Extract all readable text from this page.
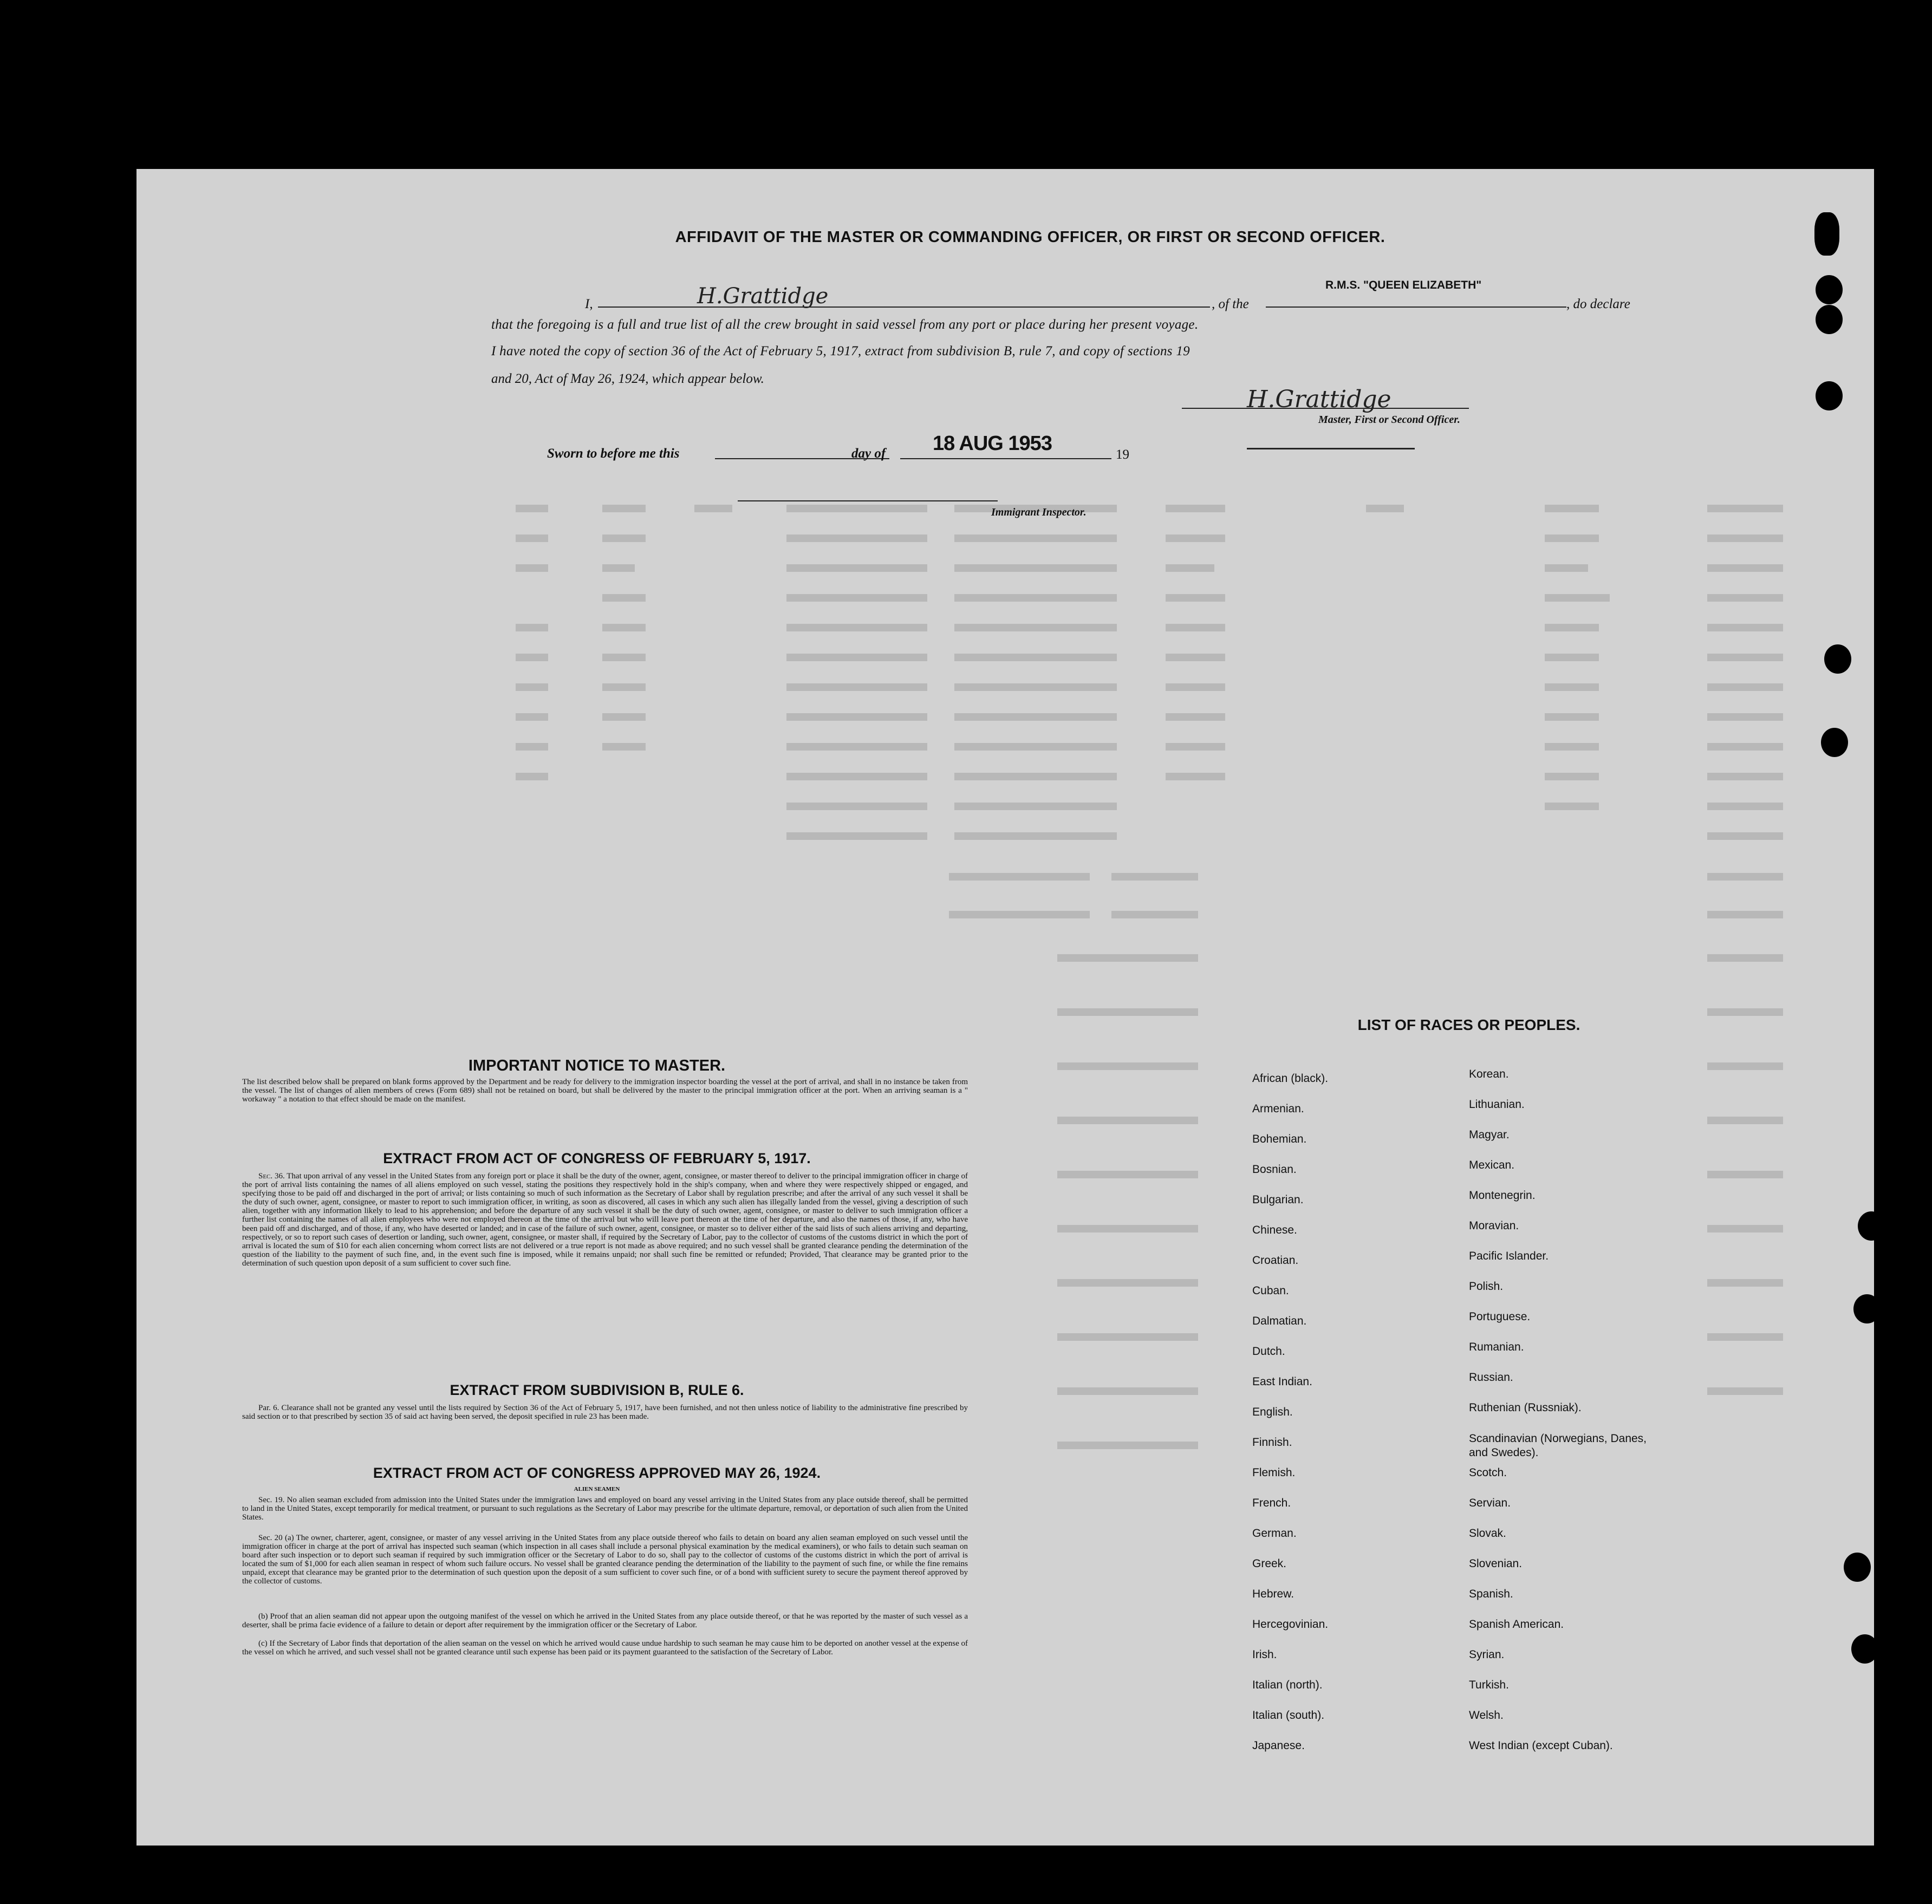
AFFIDAVIT OF THE MASTER OR COMMANDING OFFICER, OR FIRST OR SECOND OFFICER.
I,	H.Grattidge	, of the
R.M.S. "QUEEN ELIZABETH"
, do declare
that the foregoing is a full and true list of all the crew brought in said vessel from any port or place during her present voyage.
I have noted the copy of section 36 of the Act of February 5, 1917, extract from subdivision B, rule 7, and copy of sections 19
and 20, Act of May 26, 1924, which appear below.
H.Grattidge
Master, First or Second Officer.
Sworn to before me this	day of 18 AUG 1953	19
Immigrant Inspector.
IMPORTANT NOTICE TO MASTER.
The list described below shall be prepared on blank forms approved by the Department and be ready for delivery to the immigration inspector boarding the vessel at the port of arrival, and shall in no instance be taken from the vessel. The list of changes of alien members of crews (Form 689) shall not be retained on board, but shall be delivered by the master to the principal immigration officer at the port. When an arriving seaman is a " workaway " a notation to that effect should be made on the manifest.
EXTRACT FROM ACT OF CONGRESS OF FEBRUARY 5, 1917.
Sec. 36. That upon arrival of any vessel in the United States from any foreign port or place it shall be the duty of the owner, agent, consignee, or master thereof to deliver to the principal immigration officer in charge of the port of arrival lists containing the names of all aliens employed on such vessel, stating the positions they respectively hold in the ship's company, when and where they were respectively shipped or engaged, and specifying those to be paid off and discharged in the port of arrival; or lists containing so much of such information as the Secretary of Labor shall by regulation prescribe; and after the arrival of any such vessel it shall be the duty of such owner, agent, consignee, or master to report to such immigration officer, in writing, as soon as discovered, all cases in which any such alien has illegally landed from the vessel, giving a description of such alien, together with any information likely to lead to his apprehension; and before the departure of any such vessel it shall be the duty of such owner, agent, consignee, or master to deliver to such immigration officer a further list containing the names of all alien employees who were not employed thereon at the time of the arrival but who will leave port thereon at the time of her departure, and also the names of those, if any, who have been paid off and discharged, and of those, if any, who have deserted or landed; and in case of the failure of such owner, agent, consignee, or master so to deliver either of the said lists of such aliens arriving and departing, respectively, or so to report such cases of desertion or landing, such owner, agent, consignee, or master shall, if required by the Secretary of Labor, pay to the collector of customs of the customs district in which the port of arrival is located the sum of $10 for each alien concerning whom correct lists are not delivered or a true report is not made as above required; and no such vessel shall be granted clearance pending the determination of the question of the liability to the payment of such fine, and, in the event such fine is imposed, while it remains unpaid; nor shall such fine be remitted or refunded; Provided, That clearance may be granted prior to the determination of such question upon deposit of a sum sufficient to cover such fine.
EXTRACT FROM SUBDIVISION B, RULE 6.
Par. 6. Clearance shall not be granted any vessel until the lists required by Section 36 of the Act of February 5, 1917, have been furnished, and not then unless notice of liability to the administrative fine prescribed by said section or to that prescribed by section 35 of said act having been served, the deposit specified in rule 23 has been made.
EXTRACT FROM ACT OF CONGRESS APPROVED MAY 26, 1924.
ALIEN SEAMEN
Sec. 19. No alien seaman excluded from admission into the United States under the immigration laws and employed on board any vessel arriving in the United States from any place outside thereof, shall be permitted to land in the United States, except temporarily for medical treatment, or pursuant to such regulations as the Secretary of Labor may prescribe for the ultimate departure, removal, or deportation of such alien from the United States.
Sec. 20 (a) The owner, charterer, agent, consignee, or master of any vessel arriving in the United States from any place outside thereof who fails to detain on board any alien seaman employed on such vessel until the immigration officer in charge at the port of arrival has inspected such seaman (which inspection in all cases shall include a personal physical examination by the medical examiners), or who fails to detain such seaman on board after such inspection or to deport such seaman if required by such immigration officer or the Secretary of Labor to do so, shall pay to the collector of customs of the customs district in which the port of arrival is located the sum of $1,000 for each alien seaman in respect of whom such failure occurs. No vessel shall be granted clearance pending the determination of the liability to the payment of such fine, or while the fine remains unpaid, except that clearance may be granted prior to the determination of such question upon the deposit of a sum sufficient to cover such fine, or of a bond with sufficient surety to secure the payment thereof approved by the collector of customs.
(b) Proof that an alien seaman did not appear upon the outgoing manifest of the vessel on which he arrived in the United States from any place outside thereof, or that he was reported by the master of such vessel as a deserter, shall be prima facie evidence of a failure to detain or deport after requirement by the immigration officer or the Secretary of Labor.
(c) If the Secretary of Labor finds that deportation of the alien seaman on the vessel on which he arrived would cause undue hardship to such seaman he may cause him to be deported on another vessel at the expense of the vessel on which he arrived, and such vessel shall not be granted clearance until such expense has been paid or its payment guaranteed to the satisfaction of the Secretary of Labor.
LIST OF RACES OR PEOPLES.
African (black).
Armenian.
Bohemian.
Bosnian.
Bulgarian.
Chinese.
Croatian.
Cuban.
Dalmatian.
Dutch.
East Indian.
English.
Finnish.
Flemish.
French.
German.
Greek.
Hebrew.
Hercegovinian.
Irish.
Italian (north).
Italian (south).
Japanese.
Korean.
Lithuanian.
Magyar.
Mexican.
Montenegrin.
Moravian.
Pacific Islander.
Polish.
Portuguese.
Rumanian.
Russian.
Ruthenian (Russniak).
Scandinavian (Norwegians, Danes, and Swedes).
Scotch.
Servian.
Slovak.
Slovenian.
Spanish.
Spanish American.
Syrian.
Turkish.
Welsh.
West Indian (except Cuban).
